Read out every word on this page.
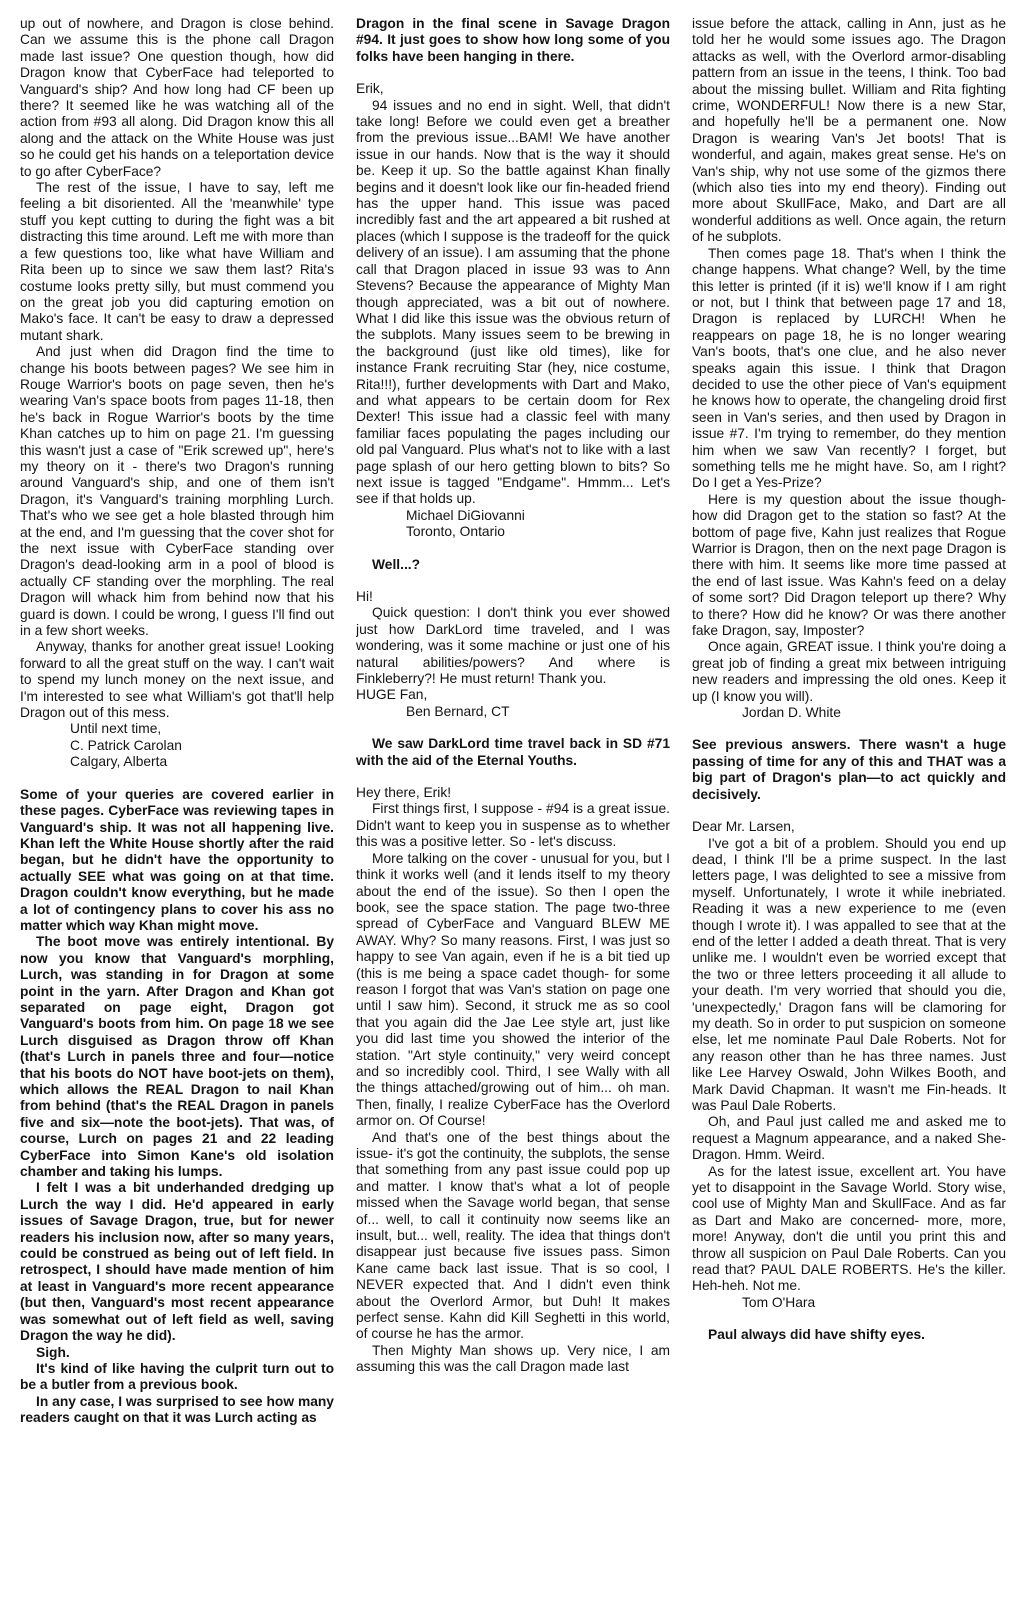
up out of nowhere, and Dragon is close behind. Can we assume this is the phone call Dragon made last issue? One question though, how did Dragon know that CyberFace had teleported to Vanguard's ship? And how long had CF been up there? It seemed like he was watching all of the action from #93 all along. Did Dragon know this all along and the attack on the White House was just so he could get his hands on a teleportation device to go after CyberFace?

The rest of the issue, I have to say, left me feeling a bit disoriented. All the 'meanwhile' type stuff you kept cutting to during the fight was a bit distracting this time around. Left me with more than a few questions too, like what have William and Rita been up to since we saw them last? Rita's costume looks pretty silly, but must commend you on the great job you did capturing emotion on Mako's face. It can't be easy to draw a depressed mutant shark.

And just when did Dragon find the time to change his boots between pages? We see him in Rouge Warrior's boots on page seven, then he's wearing Van's space boots from pages 11-18, then he's back in Rogue Warrior's boots by the time Khan catches up to him on page 21. I'm guessing this wasn't just a case of "Erik screwed up", here's my theory on it - there's two Dragon's running around Vanguard's ship, and one of them isn't Dragon, it's Vanguard's training morphling Lurch. That's who we see get a hole blasted through him at the end, and I'm guessing that the cover shot for the next issue with CyberFace standing over Dragon's dead-looking arm in a pool of blood is actually CF standing over the morphling. The real Dragon will whack him from behind now that his guard is down. I could be wrong, I guess I'll find out in a few short weeks.

Anyway, thanks for another great issue! Looking forward to all the great stuff on the way. I can't wait to spend my lunch money on the next issue, and I'm interested to see what William's got that'll help Dragon out of this mess.

Until next time,

C. Patrick Carolan

Calgary, Alberta

Some of your queries are covered earlier in these pages. CyberFace was reviewing tapes in Vanguard's ship. It was not all happening live. Khan left the White House shortly after the raid began, but he didn't have the opportunity to actually SEE what was going on at that time. Dragon couldn't know everything, but he made a lot of contingency plans to cover his ass no matter which way Khan might move.

The boot move was entirely intentional. By now you know that Vanguard's morphling, Lurch, was standing in for Dragon at some point in the yarn. After Dragon and Khan got separated on page eight, Dragon got Vanguard's boots from him. On page 18 we see Lurch disguised as Dragon throw off Khan (that's Lurch in panels three and four—notice that his boots do NOT have boot-jets on them), which allows the REAL Dragon to nail Khan from behind (that's the REAL Dragon in panels five and six—note the boot-jets). That was, of course, Lurch on pages 21 and 22 leading CyberFace into Simon Kane's old isolation chamber and taking his lumps.

I felt I was a bit underhanded dredging up Lurch the way I did. He'd appeared in early issues of Savage Dragon, true, but for newer readers his inclusion now, after so many years, could be construed as being out of left field. In retrospect, I should have made mention of him at least in Vanguard's more recent appearance (but then, Vanguard's most recent appearance was somewhat out of left field as well, saving Dragon the way he did).

Sigh.

It's kind of like having the culprit turn out to be a butler from a previous book.

In any case, I was surprised to see how many readers caught on that it was Lurch acting as

Dragon in the final scene in Savage Dragon #94. It just goes to show how long some of you folks have been hanging in there.

Erik,

94 issues and no end in sight. Well, that didn't take long! Before we could even get a breather from the previous issue...BAM! We have another issue in our hands. Now that is the way it should be. Keep it up. So the battle against Khan finally begins and it doesn't look like our fin-headed friend has the upper hand. This issue was paced incredibly fast and the art appeared a bit rushed at places (which I suppose is the tradeoff for the quick delivery of an issue). I am assuming that the phone call that Dragon placed in issue 93 was to Ann Stevens? Because the appearance of Mighty Man though appreciated, was a bit out of nowhere. What I did like this issue was the obvious return of the subplots. Many issues seem to be brewing in the background (just like old times), like for instance Frank recruiting Star (hey, nice costume, Rita!!!), further developments with Dart and Mako, and what appears to be certain doom for Rex Dexter! This issue had a classic feel with many familiar faces populating the pages including our old pal Vanguard. Plus what's not to like with a last page splash of our hero getting blown to bits? So next issue is tagged "Endgame". Hmmm... Let's see if that holds up.

Michael DiGiovanni

Toronto, Ontario

Well...?

Hi!

Quick question: I don't think you ever showed just how DarkLord time traveled, and I was wondering, was it some machine or just one of his natural abilities/powers? And where is Finkleberry?! He must return! Thank you.

HUGE Fan,

Ben Bernard, CT

We saw DarkLord time travel back in SD #71 with the aid of the Eternal Youths.

Hey there, Erik!

First things first, I suppose - #94 is a great issue. Didn't want to keep you in suspense as to whether this was a positive letter. So - let's discuss.

More talking on the cover - unusual for you, but I think it works well (and it lends itself to my theory about the end of the issue). So then I open the book, see the space station. The page two-three spread of CyberFace and Vanguard BLEW ME AWAY. Why? So many reasons. First, I was just so happy to see Van again, even if he is a bit tied up (this is me being a space cadet though- for some reason I forgot that was Van's station on page one until I saw him). Second, it struck me as so cool that you again did the Jae Lee style art, just like you did last time you showed the interior of the station. "Art style continuity," very weird concept and so incredibly cool. Third, I see Wally with all the things attached/growing out of him... oh man. Then, finally, I realize CyberFace has the Overlord armor on. Of Course!

And that's one of the best things about the issue- it's got the continuity, the subplots, the sense that something from any past issue could pop up and matter. I know that's what a lot of people missed when the Savage world began, that sense of... well, to call it continuity now seems like an insult, but... well, reality. The idea that things don't disappear just because five issues pass. Simon Kane came back last issue. That is so cool, I NEVER expected that. And I didn't even think about the Overlord Armor, but Duh! It makes perfect sense. Kahn did Kill Seghetti in this world, of course he has the armor.

Then Mighty Man shows up. Very nice, I am assuming this was the call Dragon made last

issue before the attack, calling in Ann, just as he told her he would some issues ago. The Dragon attacks as well, with the Overlord armor-disabling pattern from an issue in the teens, I think. Too bad about the missing bullet. William and Rita fighting crime, WONDERFUL! Now there is a new Star, and hopefully he'll be a permanent one. Now Dragon is wearing Van's Jet boots! That is wonderful, and again, makes great sense. He's on Van's ship, why not use some of the gizmos there (which also ties into my end theory). Finding out more about SkullFace, Mako, and Dart are all wonderful additions as well. Once again, the return of he subplots.

Then comes page 18. That's when I think the change happens. What change? Well, by the time this letter is printed (if it is) we'll know if I am right or not, but I think that between page 17 and 18, Dragon is replaced by LURCH! When he reappears on page 18, he is no longer wearing Van's boots, that's one clue, and he also never speaks again this issue. I think that Dragon decided to use the other piece of Van's equipment he knows how to operate, the changeling droid first seen in Van's series, and then used by Dragon in issue #7. I'm trying to remember, do they mention him when we saw Van recently? I forget, but something tells me he might have. So, am I right? Do I get a Yes-Prize?

Here is my question about the issue though- how did Dragon get to the station so fast? At the bottom of page five, Kahn just realizes that Rogue Warrior is Dragon, then on the next page Dragon is there with him. It seems like more time passed at the end of last issue. Was Kahn's feed on a delay of some sort? Did Dragon teleport up there? Why to there? How did he know? Or was there another fake Dragon, say, Imposter?

Once again, GREAT issue. I think you're doing a great job of finding a great mix between intriguing new readers and impressing the old ones. Keep it up (I know you will).

Jordan D. White

See previous answers. There wasn't a huge passing of time for any of this and THAT was a big part of Dragon's plan—to act quickly and decisively.

Dear Mr. Larsen,

I've got a bit of a problem. Should you end up dead, I think I'll be a prime suspect. In the last letters page, I was delighted to see a missive from myself. Unfortunately, I wrote it while inebriated. Reading it was a new experience to me (even though I wrote it). I was appalled to see that at the end of the letter I added a death threat. That is very unlike me. I wouldn't even be worried except that the two or three letters proceeding it all allude to your death. I'm very worried that should you die, 'unexpectedly,' Dragon fans will be clamoring for my death. So in order to put suspicion on someone else, let me nominate Paul Dale Roberts. Not for any reason other than he has three names. Just like Lee Harvey Oswald, John Wilkes Booth, and Mark David Chapman. It wasn't me Fin-heads. It was Paul Dale Roberts.

Oh, and Paul just called me and asked me to request a Magnum appearance, and a naked She-Dragon. Hmm. Weird.

As for the latest issue, excellent art. You have yet to disappoint in the Savage World. Story wise, cool use of Mighty Man and SkullFace. And as far as Dart and Mako are concerned- more, more, more! Anyway, don't die until you print this and throw all suspicion on Paul Dale Roberts. Can you read that? PAUL DALE ROBERTS. He's the killer. Heh-heh. Not me.

Tom O'Hara

Paul always did have shifty eyes.
